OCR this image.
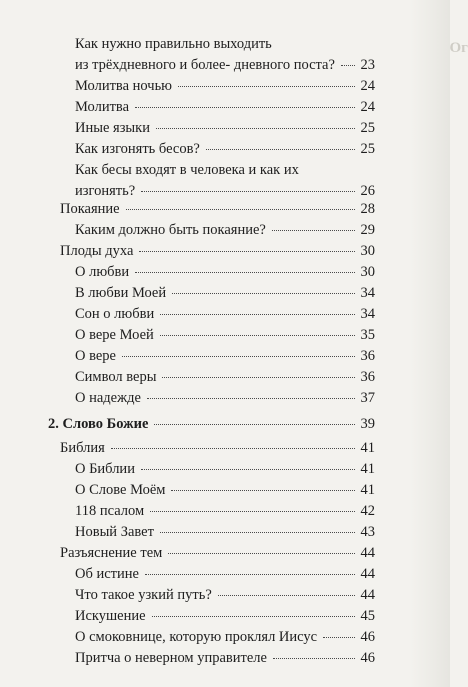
Ог
Как нужно правильно выходить
из трёхдневного и более- дневного поста? 23
Молитва ночью	24
Молитва	24
Иные языки	25
Как изгонять бесов?	25
Как бесы входят в человека и как их
изгонять?	26
Покаяние	28
Каким должно быть покаяние?	29
Плоды духа	30
О любви	30
В любви Моей	34
Сон о любви	34
О вере Моей	35
О вере	36
Символ веры	36
О надежде	37
2. Слово Божие	39
Библия	41
О Библии	41
О Слове Моём	41
118 псалом	42
Новый Завет	43
Разъяснение тем	44
Об истине	44
Что такое узкий путь?	44
Искушение	45
О смоковнице, которую проклял Иисус	46
Притча о неверном управителе	46
